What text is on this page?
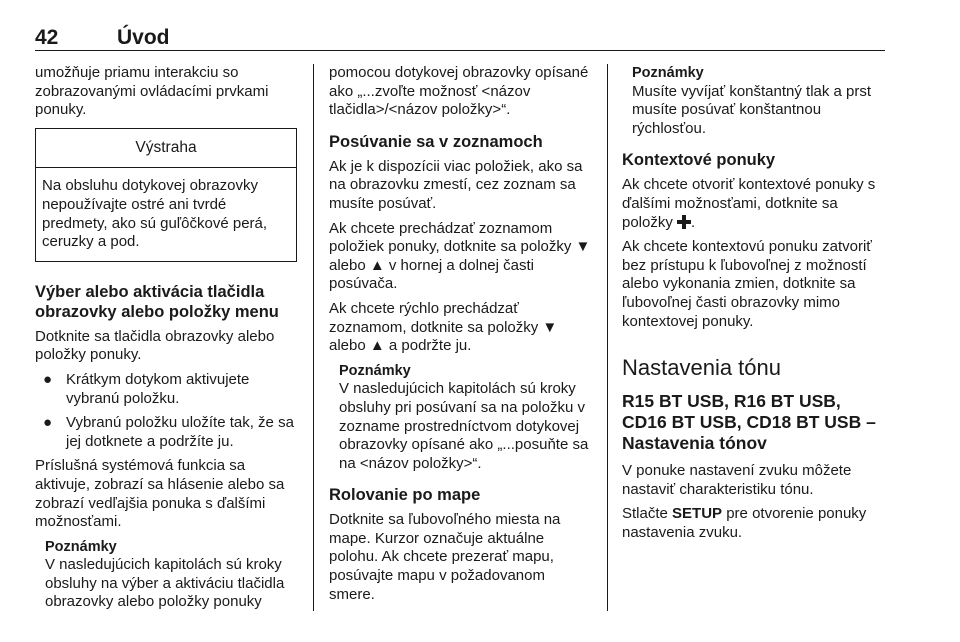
42	Úvod

umožňuje priamu interakciu so zobrazovanými ovládacími prvkami ponuky.

Výstraha
Na obsluhu dotykovej obrazovky nepoužívajte ostré ani tvrdé predmety, ako sú guľôčkové perá, ceruzky a pod.
Výber alebo aktivácia tlačidla obrazovky alebo položky menu

Dotknite sa tlačidla obrazovky alebo položky ponuky.

● Krátkym dotykom aktivujete vybranú položku.
● Vybranú položku uložíte tak, že sa jej dotknete a podržíte ju.

Príslušná systémová funkcia sa aktivuje, zobrazí sa hlásenie alebo sa zobrazí vedľajšia ponuka s ďalšími možnosťami.

Poznámky
V nasledujúcich kapitolách sú kroky obsluhy na výber a aktiváciu tlačidla obrazovky alebo položky ponuky

pomocou dotykovej obrazovky opísané ako „...zvoľte možnosť <názov tlačidla>/<názov položky>“.

Posúvanie sa v zoznamoch

Ak je k dispozícii viac položiek, ako sa na obrazovku zmestí, cez zoznam sa musíte posúvať.

Ak chcete prechádzať zoznamom položiek ponuky, dotknite sa položky ▼ alebo ▲ v hornej a dolnej časti posúvača.

Ak chcete rýchlo prechádzať zoznamom, dotknite sa položky ▼ alebo ▲ a podržte ju.

Poznámky
V nasledujúcich kapitolách sú kroky obsluhy pri posúvaní sa na položku v zozname prostredníctvom dotykovej obrazovky opísané ako „...posuňte sa na <názov položky>“.
Rolovanie po mape

Dotknite sa ľubovoľného miesta na mape. Kurzor označuje aktuálne polohu. Ak chcete prezerať mapu, posúvajte mapu v požadovanom smere.

Poznámky
Musíte vyvíjať konštantný tlak a prst musíte posúvať konštantnou rýchlosťou.
Kontextové ponuky

Ak chcete otvoriť kontextové ponuky s ďalšími možnosťami, dotknite sa položky .

Ak chcete kontextovú ponuku zatvoriť bez prístupu k ľubovoľnej z možností alebo vykonania zmien, dotknite sa ľubovoľnej časti obrazovky mimo kontextovej ponuky.

Nastavenia tónu
R15 BT USB, R16 BT USB, CD16 BT USB, CD18 BT USB – Nastavenia tónov

V ponuke nastavení zvuku môžete nastaviť charakteristiku tónu.

Stlačte SETUP pre otvorenie ponuky nastavenia zvuku.
